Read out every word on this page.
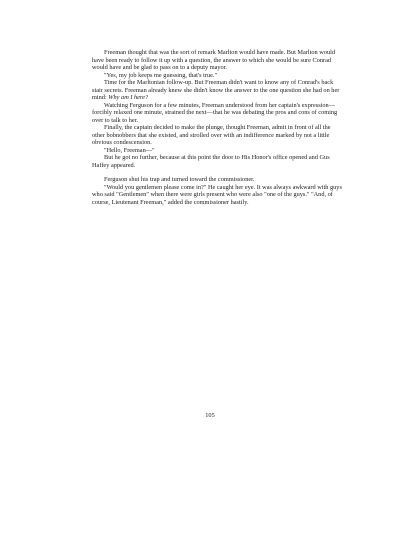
Freeman thought that was the sort of remark Marlton would have made. But Marlton would have been ready to follow it up with a question, the answer to which she would be sure Conrad would have and be glad to pass on to a deputy mayor.

"Yes, my job keeps me guessing, that's true."

Time for the Marltonian follow-up. But Freeman didn't want to know any of Conrad's back stair secrets. Freeman already knew she didn't know the answer to the one question she had on her mind: Why am I here?

Watching Ferguson for a few minutes, Freeman understood from her captain's expression—forcibly relaxed one minute, strained the next—that he was debating the pros and cons of coming over to talk to her.

Finally, the captain decided to make the plunge, thought Freeman, admit in front of all the other bobnobbers that she existed, and strolled over with an indifference marked by not a little obvious condescension.

"Hello, Freeman—"

But he got no further, because at this point the door to His Honor's office opened and Gus Haffey appeared.

Ferguson shut his trap and turned toward the commissioner.

"Would you gentlemen please come in?" He caught her eye. It was always awkward with guys who said "Gentlemen" when there were girls present who were also "one of the guys." "And, of course, Lieutenant Freeman," added the commissioner hastily.

105
